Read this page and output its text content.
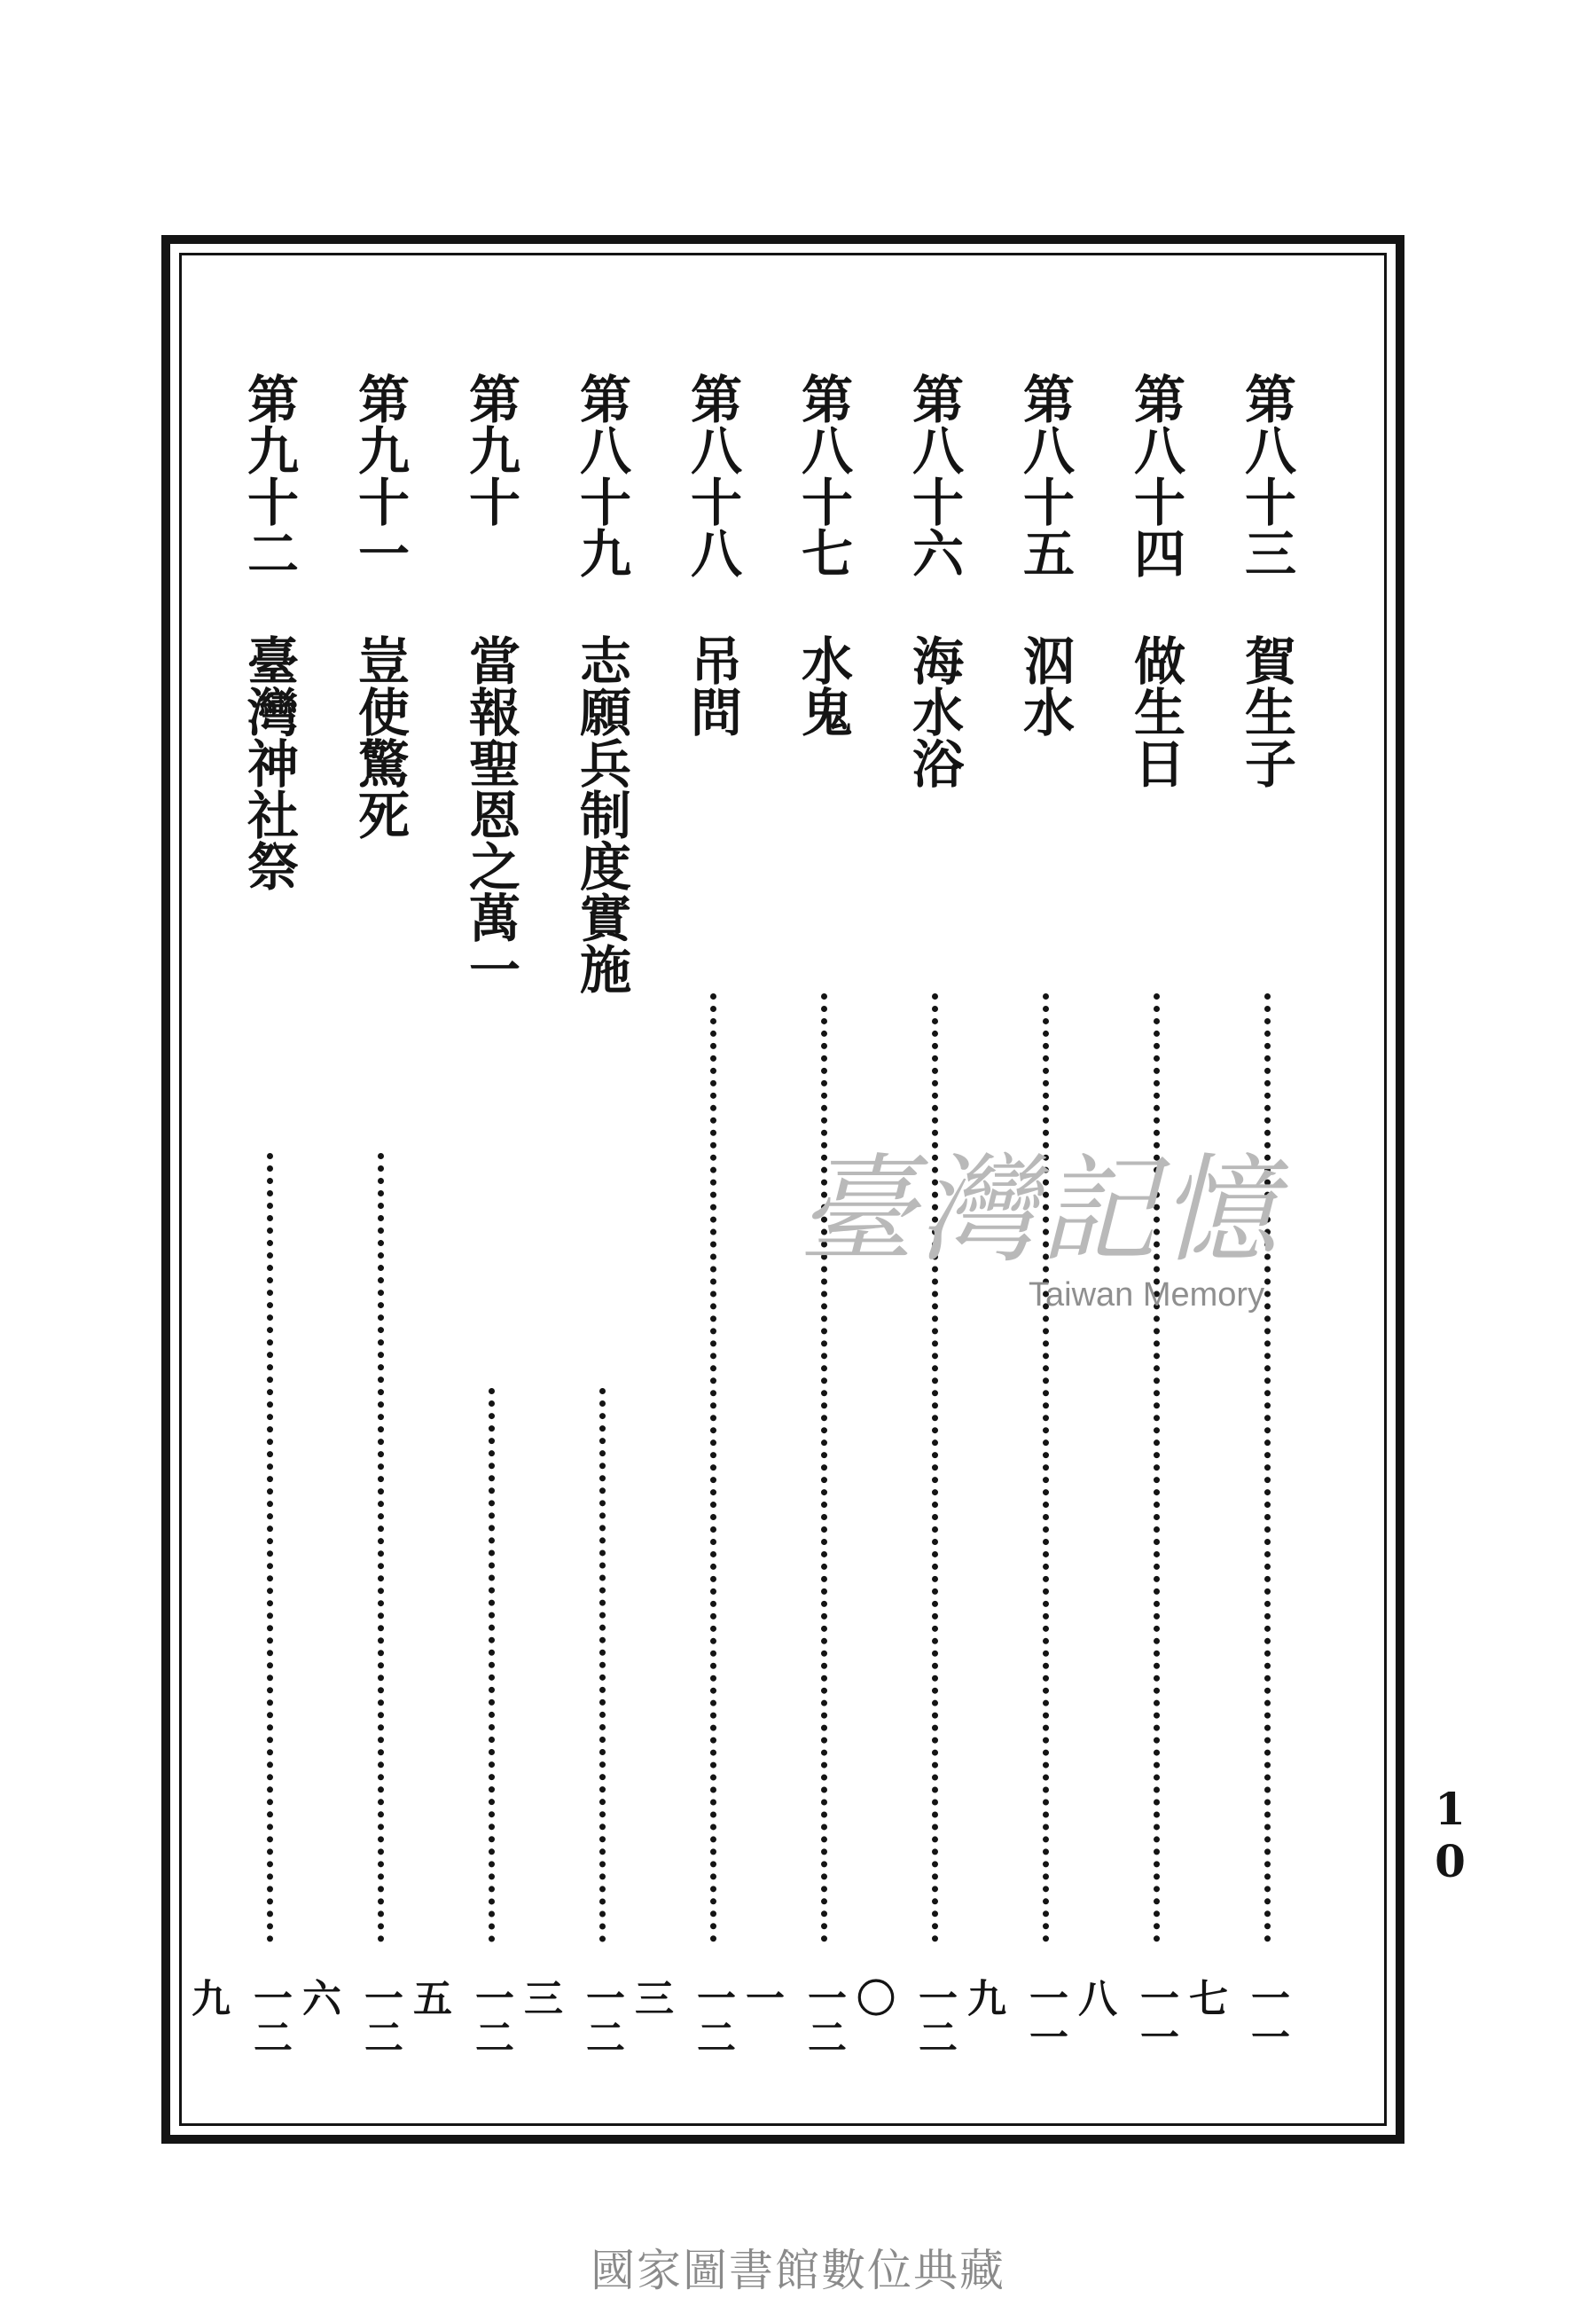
10
第八十三
賀生子
一一七
第八十四
做生日
一一八
第八十五
泅水
一一九
第八十六
海水浴
一二〇
第八十七
水鬼
一二一
第八十八
吊問
一二三
第八十九
志願兵制度實施
一二三
第九十
當報聖恩之萬一
一二五
第九十一
豈使驚死
一二六
第九十二
臺灣神社祭
一二九
臺灣記憶
Taiwan Memory
國家圖書館數位典藏
